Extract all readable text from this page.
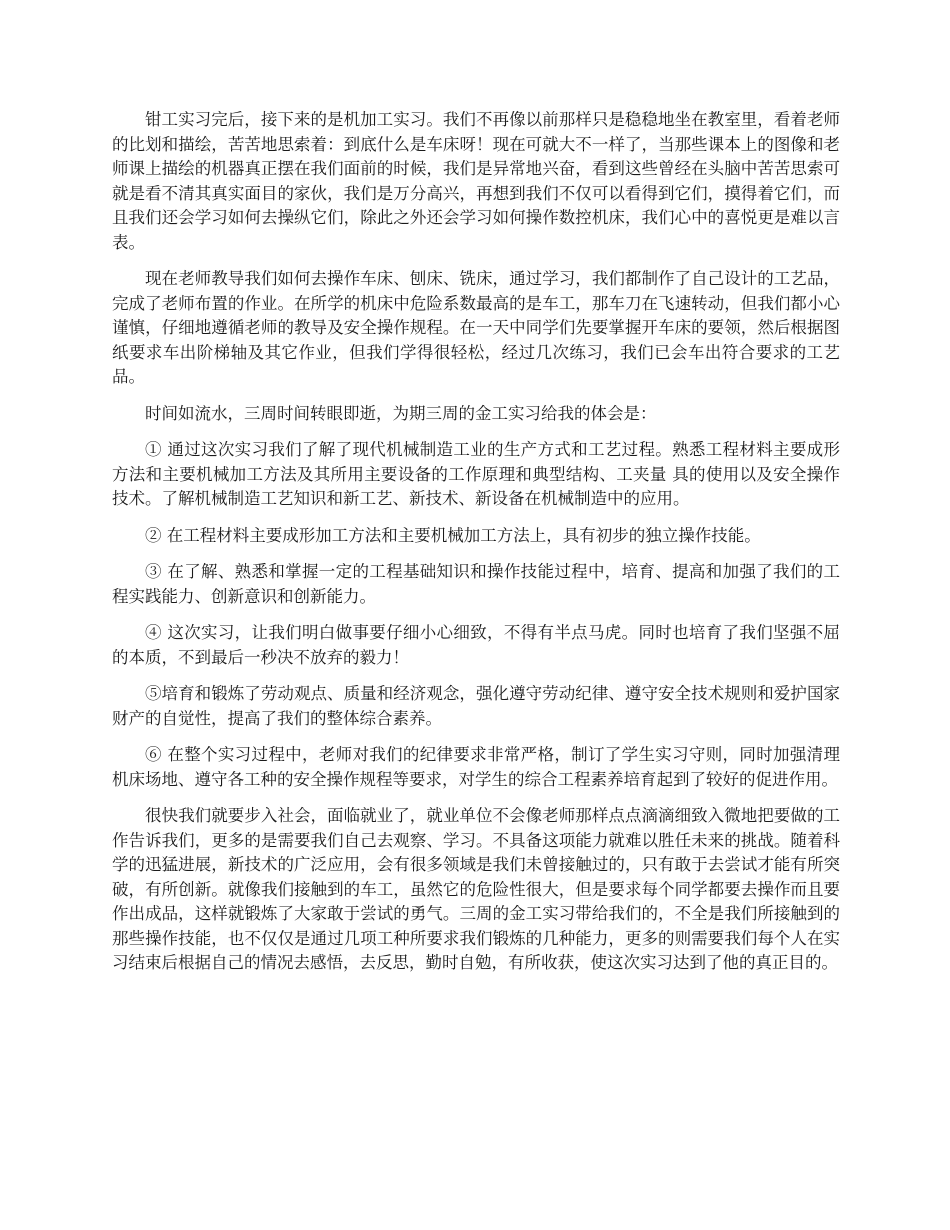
钳工实习完后，接下来的是机加工实习。我们不再像以前那样只是稳稳地坐在教室里，看着老师的比划和描绘，苦苦地思索着：到底什么是车床呀！现在可就大不一样了，当那些课本上的图像和老师课上描绘的机器真正摆在我们面前的时候，我们是异常地兴奋，看到这些曾经在头脑中苦苦思索可就是看不清其真实面目的家伙，我们是万分高兴，再想到我们不仅可以看得到它们，摸得着它们，而且我们还会学习如何去操纵它们，除此之外还会学习如何操作数控机床，我们心中的喜悦更是难以言表。

现在老师教导我们如何去操作车床、刨床、铣床，通过学习，我们都制作了自己设计的工艺品，完成了老师布置的作业。在所学的机床中危险系数最高的是车工，那车刀在飞速转动，但我们都小心谨慎，仔细地遵循老师的教导及安全操作规程。在一天中同学们先要掌握开车床的要领，然后根据图纸要求车出阶梯轴及其它作业，但我们学得很轻松，经过几次练习，我们已会车出符合要求的工艺品。

时间如流水，三周时间转眼即逝，为期三周的金工实习给我的体会是：

① 通过这次实习我们了解了现代机械制造工业的生产方式和工艺过程。熟悉工程材料主要成形方法和主要机械加工方法及其所用主要设备的工作原理和典型结构、工夹量 具的使用以及安全操作技术。了解机械制造工艺知识和新工艺、新技术、新设备在机械制造中的应用。

② 在工程材料主要成形加工方法和主要机械加工方法上，具有初步的独立操作技能。

③ 在了解、熟悉和掌握一定的工程基础知识和操作技能过程中，培育、提高和加强了我们的工程实践能力、创新意识和创新能力。

④ 这次实习，让我们明白做事要仔细小心细致，不得有半点马虎。同时也培育了我们坚强不屈的本质，不到最后一秒决不放弃的毅力！

⑤培育和锻炼了劳动观点、质量和经济观念，强化遵守劳动纪律、遵守安全技术规则和爱护国家财产的自觉性，提高了我们的整体综合素养。

⑥ 在整个实习过程中，老师对我们的纪律要求非常严格，制订了学生实习守则，同时加强清理机床场地、遵守各工种的安全操作规程等要求，对学生的综合工程素养培育起到了较好的促进作用。

很快我们就要步入社会，面临就业了，就业单位不会像老师那样点点滴滴细致入微地把要做的工作告诉我们，更多的是需要我们自己去观察、学习。不具备这项能力就难以胜任未来的挑战。随着科学的迅猛进展，新技术的广泛应用，会有很多领域是我们未曾接触过的，只有敢于去尝试才能有所突破，有所创新。就像我们接触到的车工，虽然它的危险性很大，但是要求每个同学都要去操作而且要作出成品，这样就锻炼了大家敢于尝试的勇气。三周的金工实习带给我们的，不全是我们所接触到的那些操作技能，也不仅仅是通过几项工种所要求我们锻炼的几种能力，更多的则需要我们每个人在实习结束后根据自己的情况去感悟，去反思，勤时自勉，有所收获，使这次实习达到了他的真正目的。
